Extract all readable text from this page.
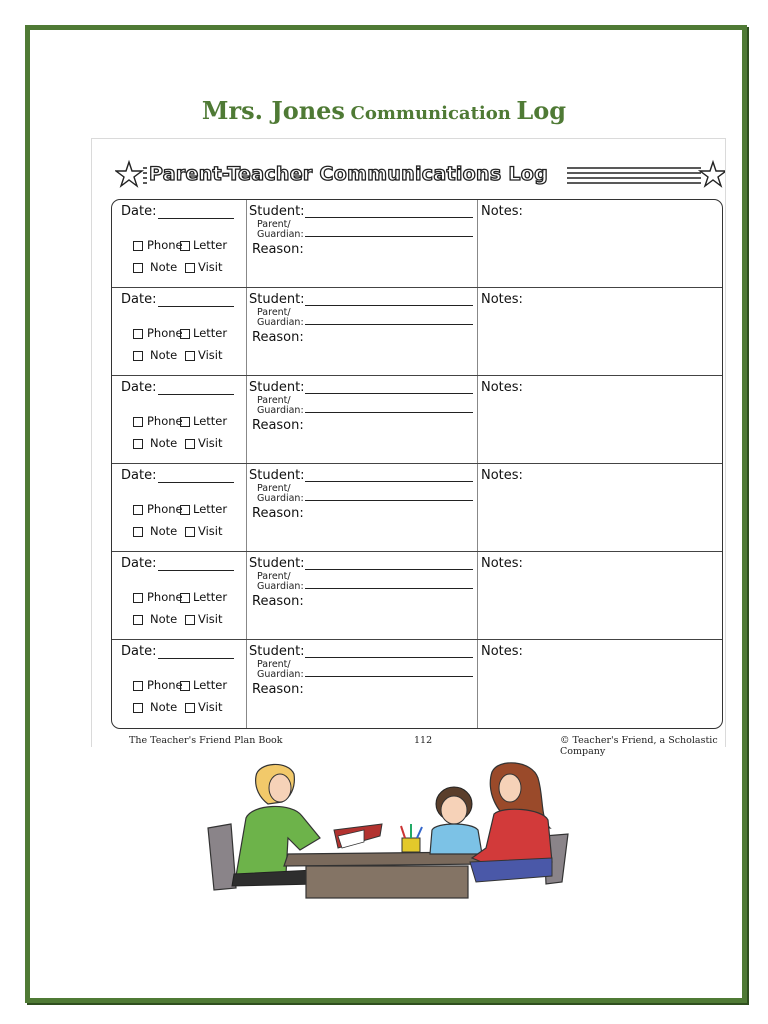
Mrs. Jones Communication Log
Parent-Teacher Communications Log
Date:
Phone Letter
Note Visit
Student:
Parent/
Guardian:
Reason:
Notes:
Date:
Phone Letter
Note Visit
Student:
Parent/
Guardian:
Reason:
Notes:
Date:
Phone Letter
Note Visit
Student:
Parent/
Guardian:
Reason:
Notes:
Date:
Phone Letter
Note Visit
Student:
Parent/
Guardian:
Reason:
Notes:
Date:
Phone Letter
Note Visit
Student:
Parent/
Guardian:
Reason:
Notes:
Date:
Phone Letter
Note Visit
Student:
Parent/
Guardian:
Reason:
Notes:
The Teacher's Friend Plan Book	112	© Teacher's Friend, a Scholastic Company
